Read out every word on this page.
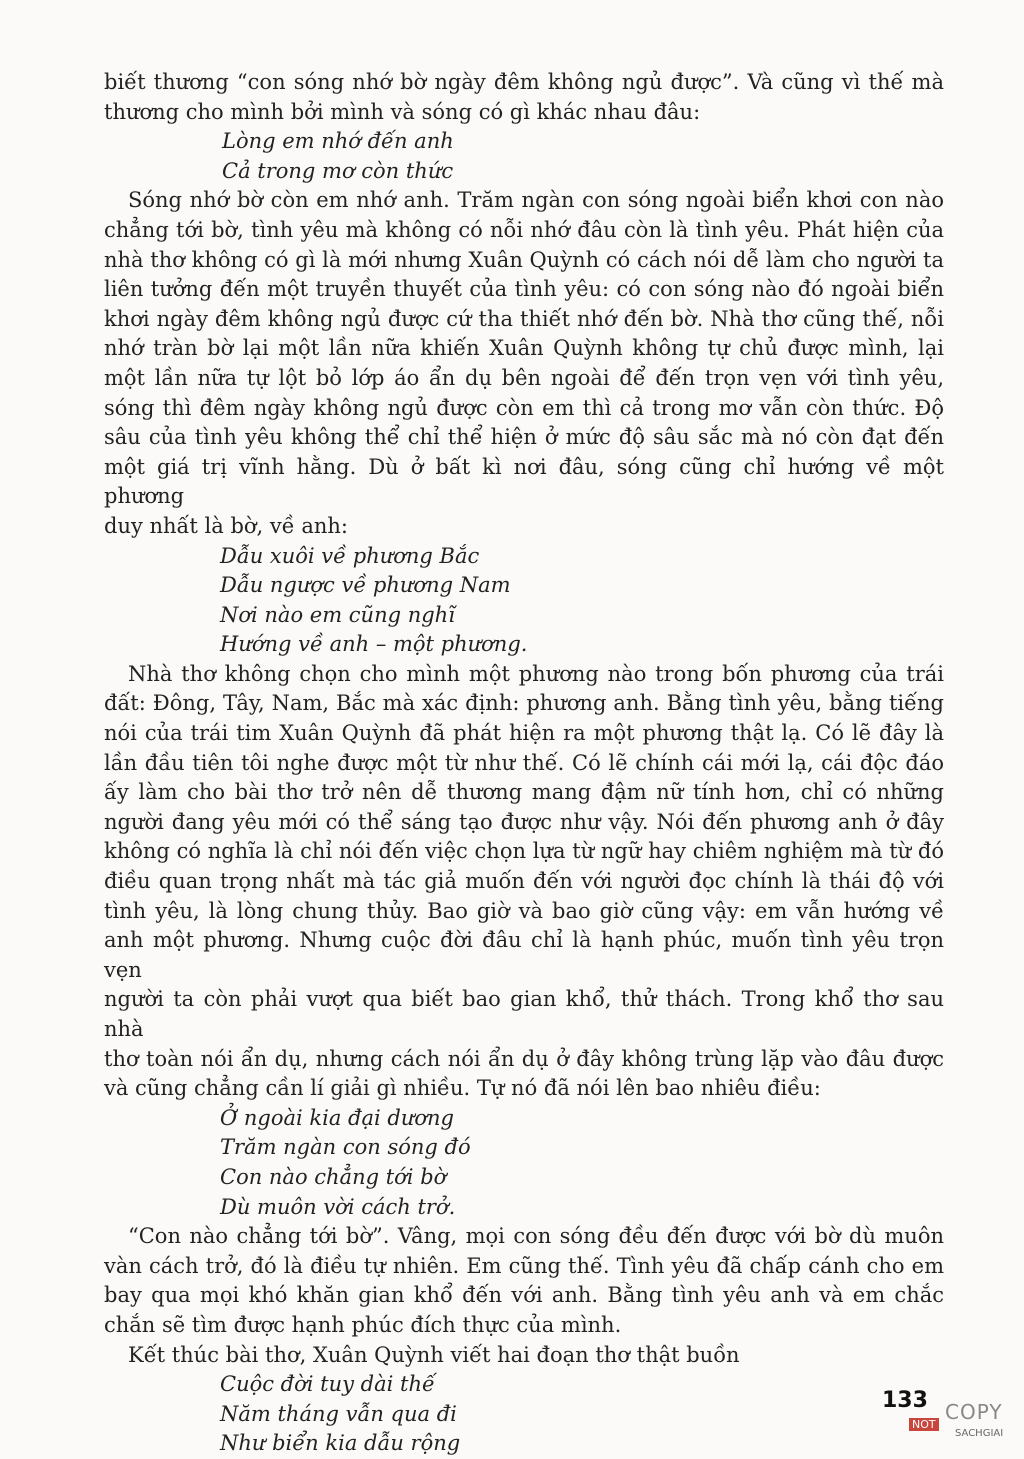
biết thương “con sóng nhớ bờ ngày đêm không ngủ được”. Và cũng vì thế mà

thương cho mình bởi mình và sóng có gì khác nhau đâu:

Lòng em nhớ đến anh

Cả trong mơ còn thức

Sóng nhớ bờ còn em nhớ anh. Trăm ngàn con sóng ngoài biển khơi con nào

chẳng tới bờ, tình yêu mà không có nỗi nhớ đâu còn là tình yêu. Phát hiện của

nhà thơ không có gì là mới nhưng Xuân Quỳnh có cách nói dễ làm cho người ta

liên tưởng đến một truyền thuyết của tình yêu: có con sóng nào đó ngoài biển

khơi ngày đêm không ngủ được cứ tha thiết nhớ đến bờ. Nhà thơ cũng thế, nỗi

nhớ tràn bờ lại một lần nữa khiến Xuân Quỳnh không tự chủ được mình, lại

một lần nữa tự lột bỏ lớp áo ẩn dụ bên ngoài để đến trọn vẹn với tình yêu,

sóng thì đêm ngày không ngủ được còn em thì cả trong mơ vẫn còn thức. Độ

sâu của tình yêu không thể chỉ thể hiện ở mức độ sâu sắc mà nó còn đạt đến

một giá trị vĩnh hằng. Dù ở bất kì nơi đâu, sóng cũng chỉ hướng về một phương

duy nhất là bờ, về anh:

Dẫu xuôi về phương Bắc

Dẫu ngược về phương Nam

Nơi nào em cũng nghĩ

Hướng về anh – một phương.

Nhà thơ không chọn cho mình một phương nào trong bốn phương của trái

đất: Đông, Tây, Nam, Bắc mà xác định: phương anh. Bằng tình yêu, bằng tiếng

nói của trái tim Xuân Quỳnh đã phát hiện ra một phương thật lạ. Có lẽ đây là

lần đầu tiên tôi nghe được một từ như thế. Có lẽ chính cái mới lạ, cái độc đáo

ấy làm cho bài thơ trở nên dễ thương mang đậm nữ tính hơn, chỉ có những

người đang yêu mới có thể sáng tạo được như vậy. Nói đến phương anh ở đây

không có nghĩa là chỉ nói đến việc chọn lựa từ ngữ hay chiêm nghiệm mà từ đó

điều quan trọng nhất mà tác giả muốn đến với người đọc chính là thái độ với

tình yêu, là lòng chung thủy. Bao giờ và bao giờ cũng vậy: em vẫn hướng về

anh một phương. Nhưng cuộc đời đâu chỉ là hạnh phúc, muốn tình yêu trọn vẹn

người ta còn phải vượt qua biết bao gian khổ, thử thách. Trong khổ thơ sau nhà

thơ toàn nói ẩn dụ, nhưng cách nói ẩn dụ ở đây không trùng lặp vào đâu được

và cũng chẳng cần lí giải gì nhiều. Tự nó đã nói lên bao nhiêu điều:

Ở ngoài kia đại dương

Trăm ngàn con sóng đó

Con nào chẳng tới bờ

Dù muôn vời cách trở.

“Con nào chẳng tới bờ”. Vâng, mọi con sóng đều đến được với bờ dù muôn

vàn cách trở, đó là điều tự nhiên. Em cũng thế. Tình yêu đã chấp cánh cho em

bay qua mọi khó khăn gian khổ đến với anh. Bằng tình yêu anh và em chắc

chắn sẽ tìm được hạnh phúc đích thực của mình.

Kết thúc bài thơ, Xuân Quỳnh viết hai đoạn thơ thật buồn

Cuộc đời tuy dài thế

Năm tháng vẫn qua đi

Như biển kia dẫu rộng

133 COPY
NOT
SACHGIAI
